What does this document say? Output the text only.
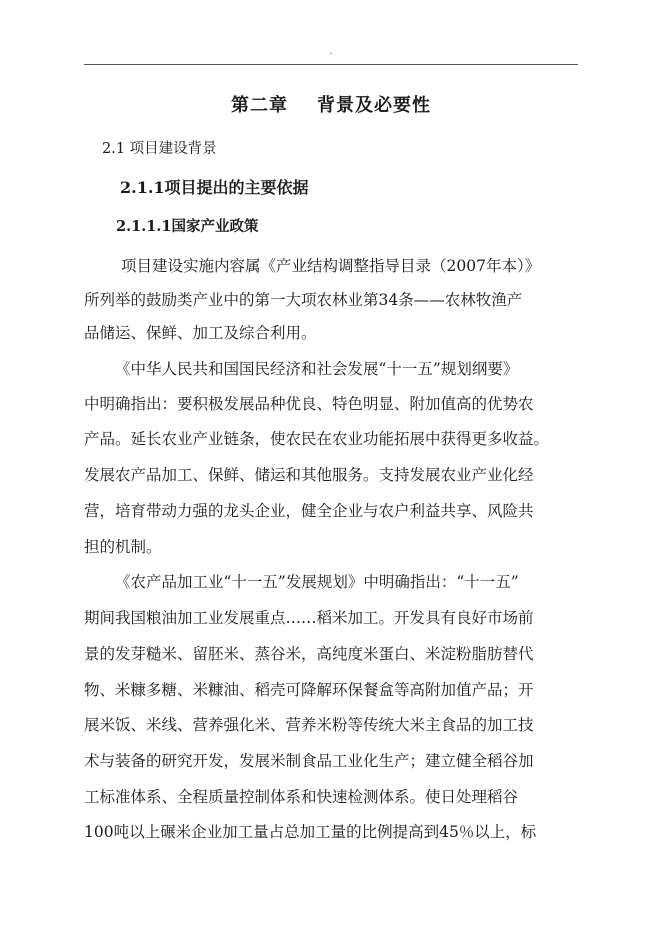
.
第二章    背景及必要性
2.1 项目建设背景
2.1.1项目提出的主要依据
2.1.1.1国家产业政策
项目建设实施内容属《产业结构调整指导目录（2007年本）》
所列举的鼓励类产业中的第一大项农林业第34条——农林牧渔产
品储运、保鲜、加工及综合利用。
《中华人民共和国国民经济和社会发展“十一五”规划纲要》
中明确指出：要积极发展品种优良、特色明显、附加值高的优势农
产品。延长农业产业链条，使农民在农业功能拓展中获得更多收益。
发展农产品加工、保鲜、储运和其他服务。支持发展农业产业化经
营，培育带动力强的龙头企业，健全企业与农户利益共享、风险共
担的机制。
《农产品加工业“十一五”发展规划》中明确指出：“十一五”
期间我国粮油加工业发展重点……稻米加工。开发具有良好市场前
景的发芽糙米、留胚米、蒸谷米，高纯度米蛋白、米淀粉脂肪替代
物、米糠多糖、米糠油、稻壳可降解环保餐盒等高附加值产品；开
展米饭、米线、营养强化米、营养米粉等传统大米主食品的加工技
术与装备的研究开发，发展米制食品工业化生产；建立健全稻谷加
工标准体系、全程质量控制体系和快速检测体系。使日处理稻谷
100吨以上碾米企业加工量占总加工量的比例提高到45％以上，标
